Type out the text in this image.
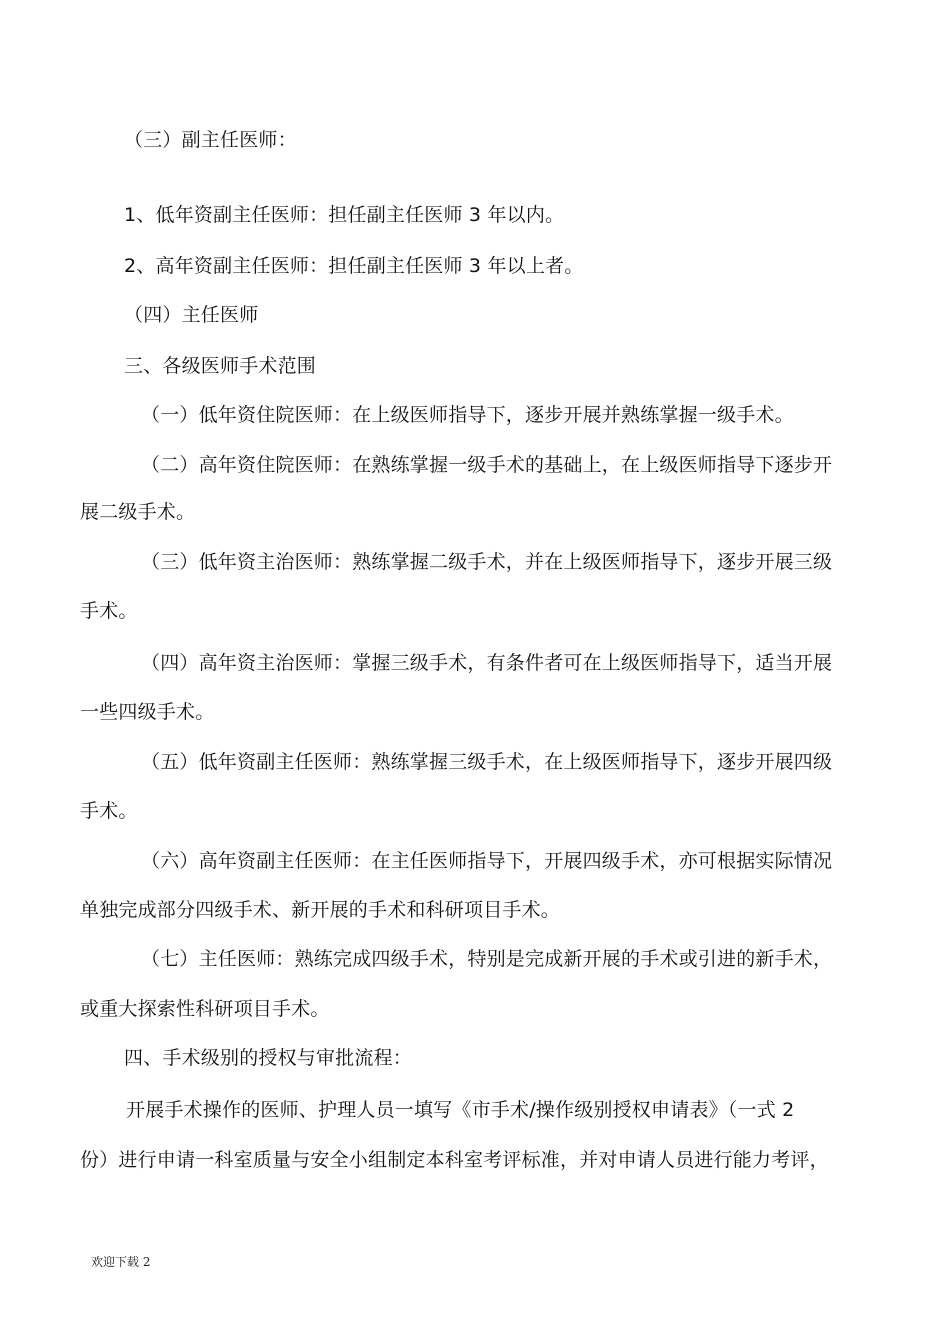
（三）副主任医师：
1、低年资副主任医师：担任副主任医师 3 年以内。
2、高年资副主任医师：担任副主任医师 3 年以上者。
（四）主任医师
三、各级医师手术范围
（一）低年资住院医师：在上级医师指导下，逐步开展并熟练掌握一级手术。
（二）高年资住院医师：在熟练掌握一级手术的基础上，在上级医师指导下逐步开
展二级手术。
（三）低年资主治医师：熟练掌握二级手术，并在上级医师指导下，逐步开展三级
手术。
（四）高年资主治医师：掌握三级手术，有条件者可在上级医师指导下，适当开展
一些四级手术。
（五）低年资副主任医师：熟练掌握三级手术，在上级医师指导下，逐步开展四级
手术。
（六）高年资副主任医师：在主任医师指导下，开展四级手术，亦可根据实际情况
单独完成部分四级手术、新开展的手术和科研项目手术。
（七）主任医师：熟练完成四级手术，特别是完成新开展的手术或引进的新手术，
或重大探索性科研项目手术。
四、手术级别的授权与审批流程：
开展手术操作的医师、护理人员一填写《市手术/操作级别授权申请表》（一式 2
份）进行申请一科室质量与安全小组制定本科室考评标准，并对申请人员进行能力考评，
欢迎下载 2
